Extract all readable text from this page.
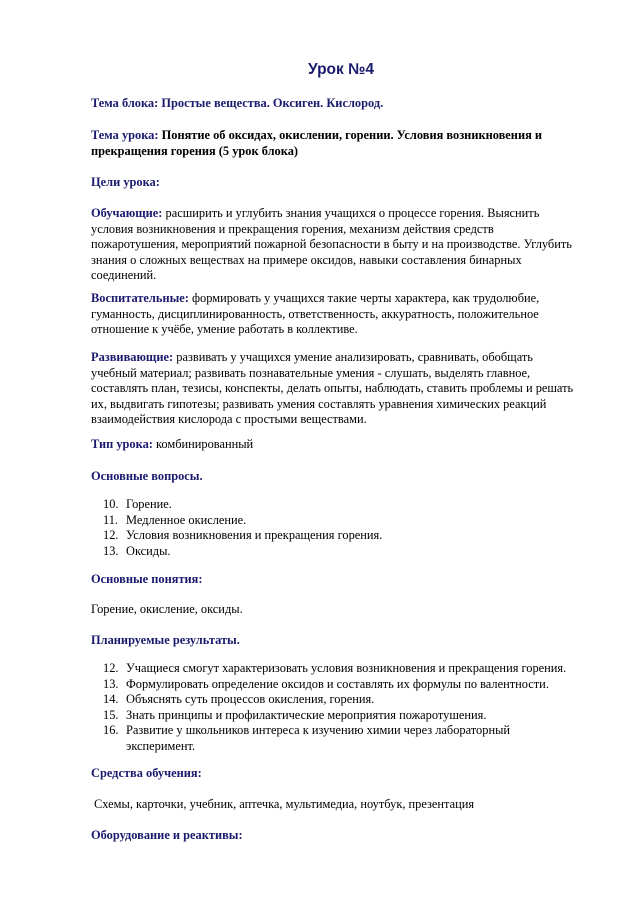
Урок №4
Тема блока: Простые вещества. Оксиген. Кислород.
Тема урока: Понятие об оксидах, окислении, горении. Условия возникновения и прекращения горения (5 урок блока)
Цели урока:
Обучающие: расширить и углубить знания учащихся о процессе горения. Выяснить условия возникновения и прекращения горения, механизм действия средств пожаротушения, мероприятий пожарной безопасности в быту и на производстве. Углубить знания о сложных веществах на примере оксидов, навыки составления бинарных соединений.
Воспитательные: формировать у учащихся такие черты характера, как трудолюбие, гуманность, дисциплинированность, ответственность, аккуратность, положительное отношение к учёбе, умение работать в коллективе.
Развивающие: развивать у учащихся умение анализировать, сравнивать, обобщать учебный материал; развивать познавательные умения - слушать, выделять главное, составлять план, тезисы, конспекты, делать опыты, наблюдать, ставить проблемы и решать их, выдвигать гипотезы; развивать умения составлять уравнения химических реакций взаимодействия кислорода с простыми веществами.
Тип урока: комбинированный
Основные вопросы.
10. Горение.
11. Медленное окисление.
12. Условия возникновения и прекращения горения.
13. Оксиды.
Основные понятия:
Горение, окисление, оксиды.
Планируемые результаты.
12. Учащиеся смогут характеризовать условия возникновения и прекращения горения.
13. Формулировать определение оксидов и составлять их формулы по валентности.
14. Объяснять суть процессов окисления, горения.
15. Знать принципы и профилактические мероприятия пожаротушения.
16. Развитие у школьников интереса к изучению химии через лабораторный эксперимент.
Средства обучения:
Схемы, карточки, учебник, аптечка, мультимедиа, ноутбук, презентация
Оборудование и реактивы:
